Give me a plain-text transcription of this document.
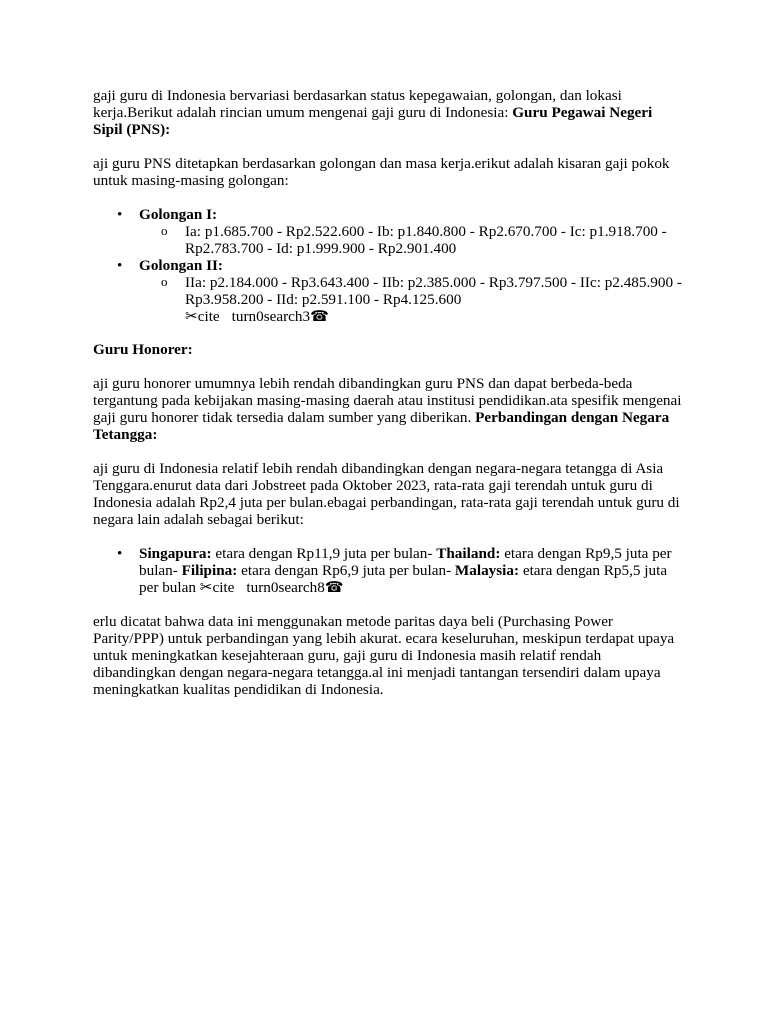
gaji guru di Indonesia bervariasi berdasarkan status kepegawaian, golongan, dan lokasi kerja.Berikut adalah rincian umum mengenai gaji guru di Indonesia: Guru Pegawai Negeri Sipil (PNS):

aji guru PNS ditetapkan berdasarkan golongan dan masa kerja.erikut adalah kisaran gaji pokok untuk masing-masing golongan:

• Golongan I:
o Ia: p1.685.700 - Rp2.522.600 - Ib: p1.840.800 - Rp2.670.700 - Ic: p1.918.700 - Rp2.783.700 - Id: p1.999.900 - Rp2.901.400
• Golongan II:
o IIa: p2.184.000 - Rp3.643.400 - IIb: p2.385.000 - Rp3.797.500 - IIc: p2.485.900 - Rp3.958.200 - IId: p2.591.100 - Rp4.125.600
✂cite turn0search3☎

Guru Honorer:

aji guru honorer umumnya lebih rendah dibandingkan guru PNS dan dapat berbeda-beda tergantung pada kebijakan masing-masing daerah atau institusi pendidikan.ata spesifik mengenai gaji guru honorer tidak tersedia dalam sumber yang diberikan. Perbandingan dengan Negara Tetangga:

aji guru di Indonesia relatif lebih rendah dibandingkan dengan negara-negara tetangga di Asia Tenggara.enurut data dari Jobstreet pada Oktober 2023, rata-rata gaji terendah untuk guru di Indonesia adalah Rp2,4 juta per bulan.ebagai perbandingan, rata-rata gaji terendah untuk guru di negara lain adalah sebagai berikut:

• Singapura: etara dengan Rp11,9 juta per bulan- Thailand: etara dengan Rp9,5 juta per bulan- Filipina: etara dengan Rp6,9 juta per bulan- Malaysia: etara dengan Rp5,5 juta per bulan ✂cite turn0search8☎

erlu dicatat bahwa data ini menggunakan metode paritas daya beli (Purchasing Power Parity/PPP) untuk perbandingan yang lebih akurat. ecara keseluruhan, meskipun terdapat upaya untuk meningkatkan kesejahteraan guru, gaji guru di Indonesia masih relatif rendah dibandingkan dengan negara-negara tetangga.al ini menjadi tantangan tersendiri dalam upaya meningkatkan kualitas pendidikan di Indonesia.
